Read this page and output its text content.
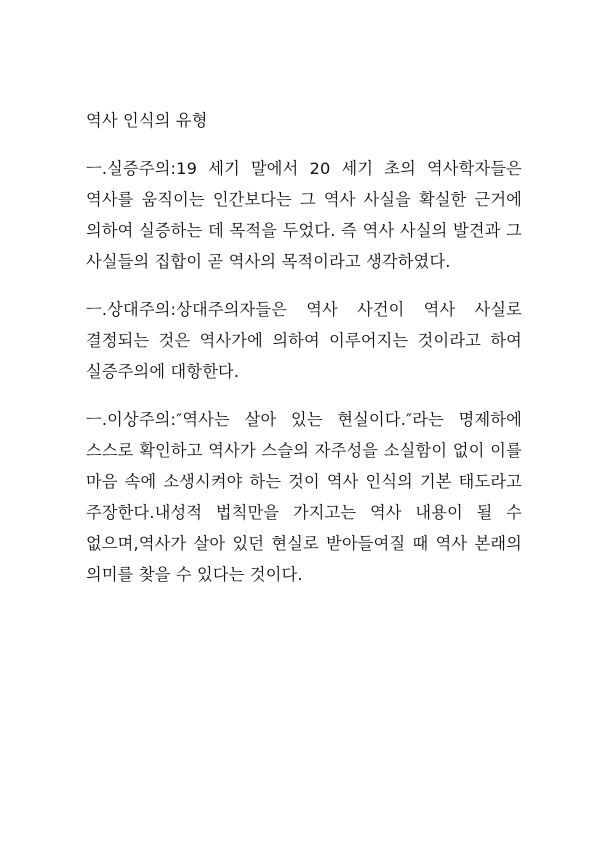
역사 인식의 유형

ㅡ.실증주의:19 세기 말에서 20 세기 초의 역사학자들은 역사를 움직이는 인간보다는 그 역사 사실을 확실한 근거에 의하여 실증하는 데 목적을 두었다. 즉 역사 사실의 발견과 그 사실들의 집합이 곧 역사의 목적이라고 생각하였다.

ㅡ.상대주의:상대주의자들은 역사 사건이 역사 사실로 결정되는 것은 역사가에 의하여 이루어지는 것이라고 하여 실증주의에 대항한다.

ㅡ.이상주의:″역사는 살아 있는 현실이다.″라는 명제하에 스스로 확인하고 역사가 스슬의 자주성을 소실함이 없이 이를 마음 속에 소생시켜야 하는 것이 역사 인식의 기본 태도라고 주장한다.내성적 법칙만을 가지고는 역사 내용이 될 수 없으며,역사가 살아 있던 현실로 받아들여질 때 역사 본래의 의미를 찾을 수 있다는 것이다.
